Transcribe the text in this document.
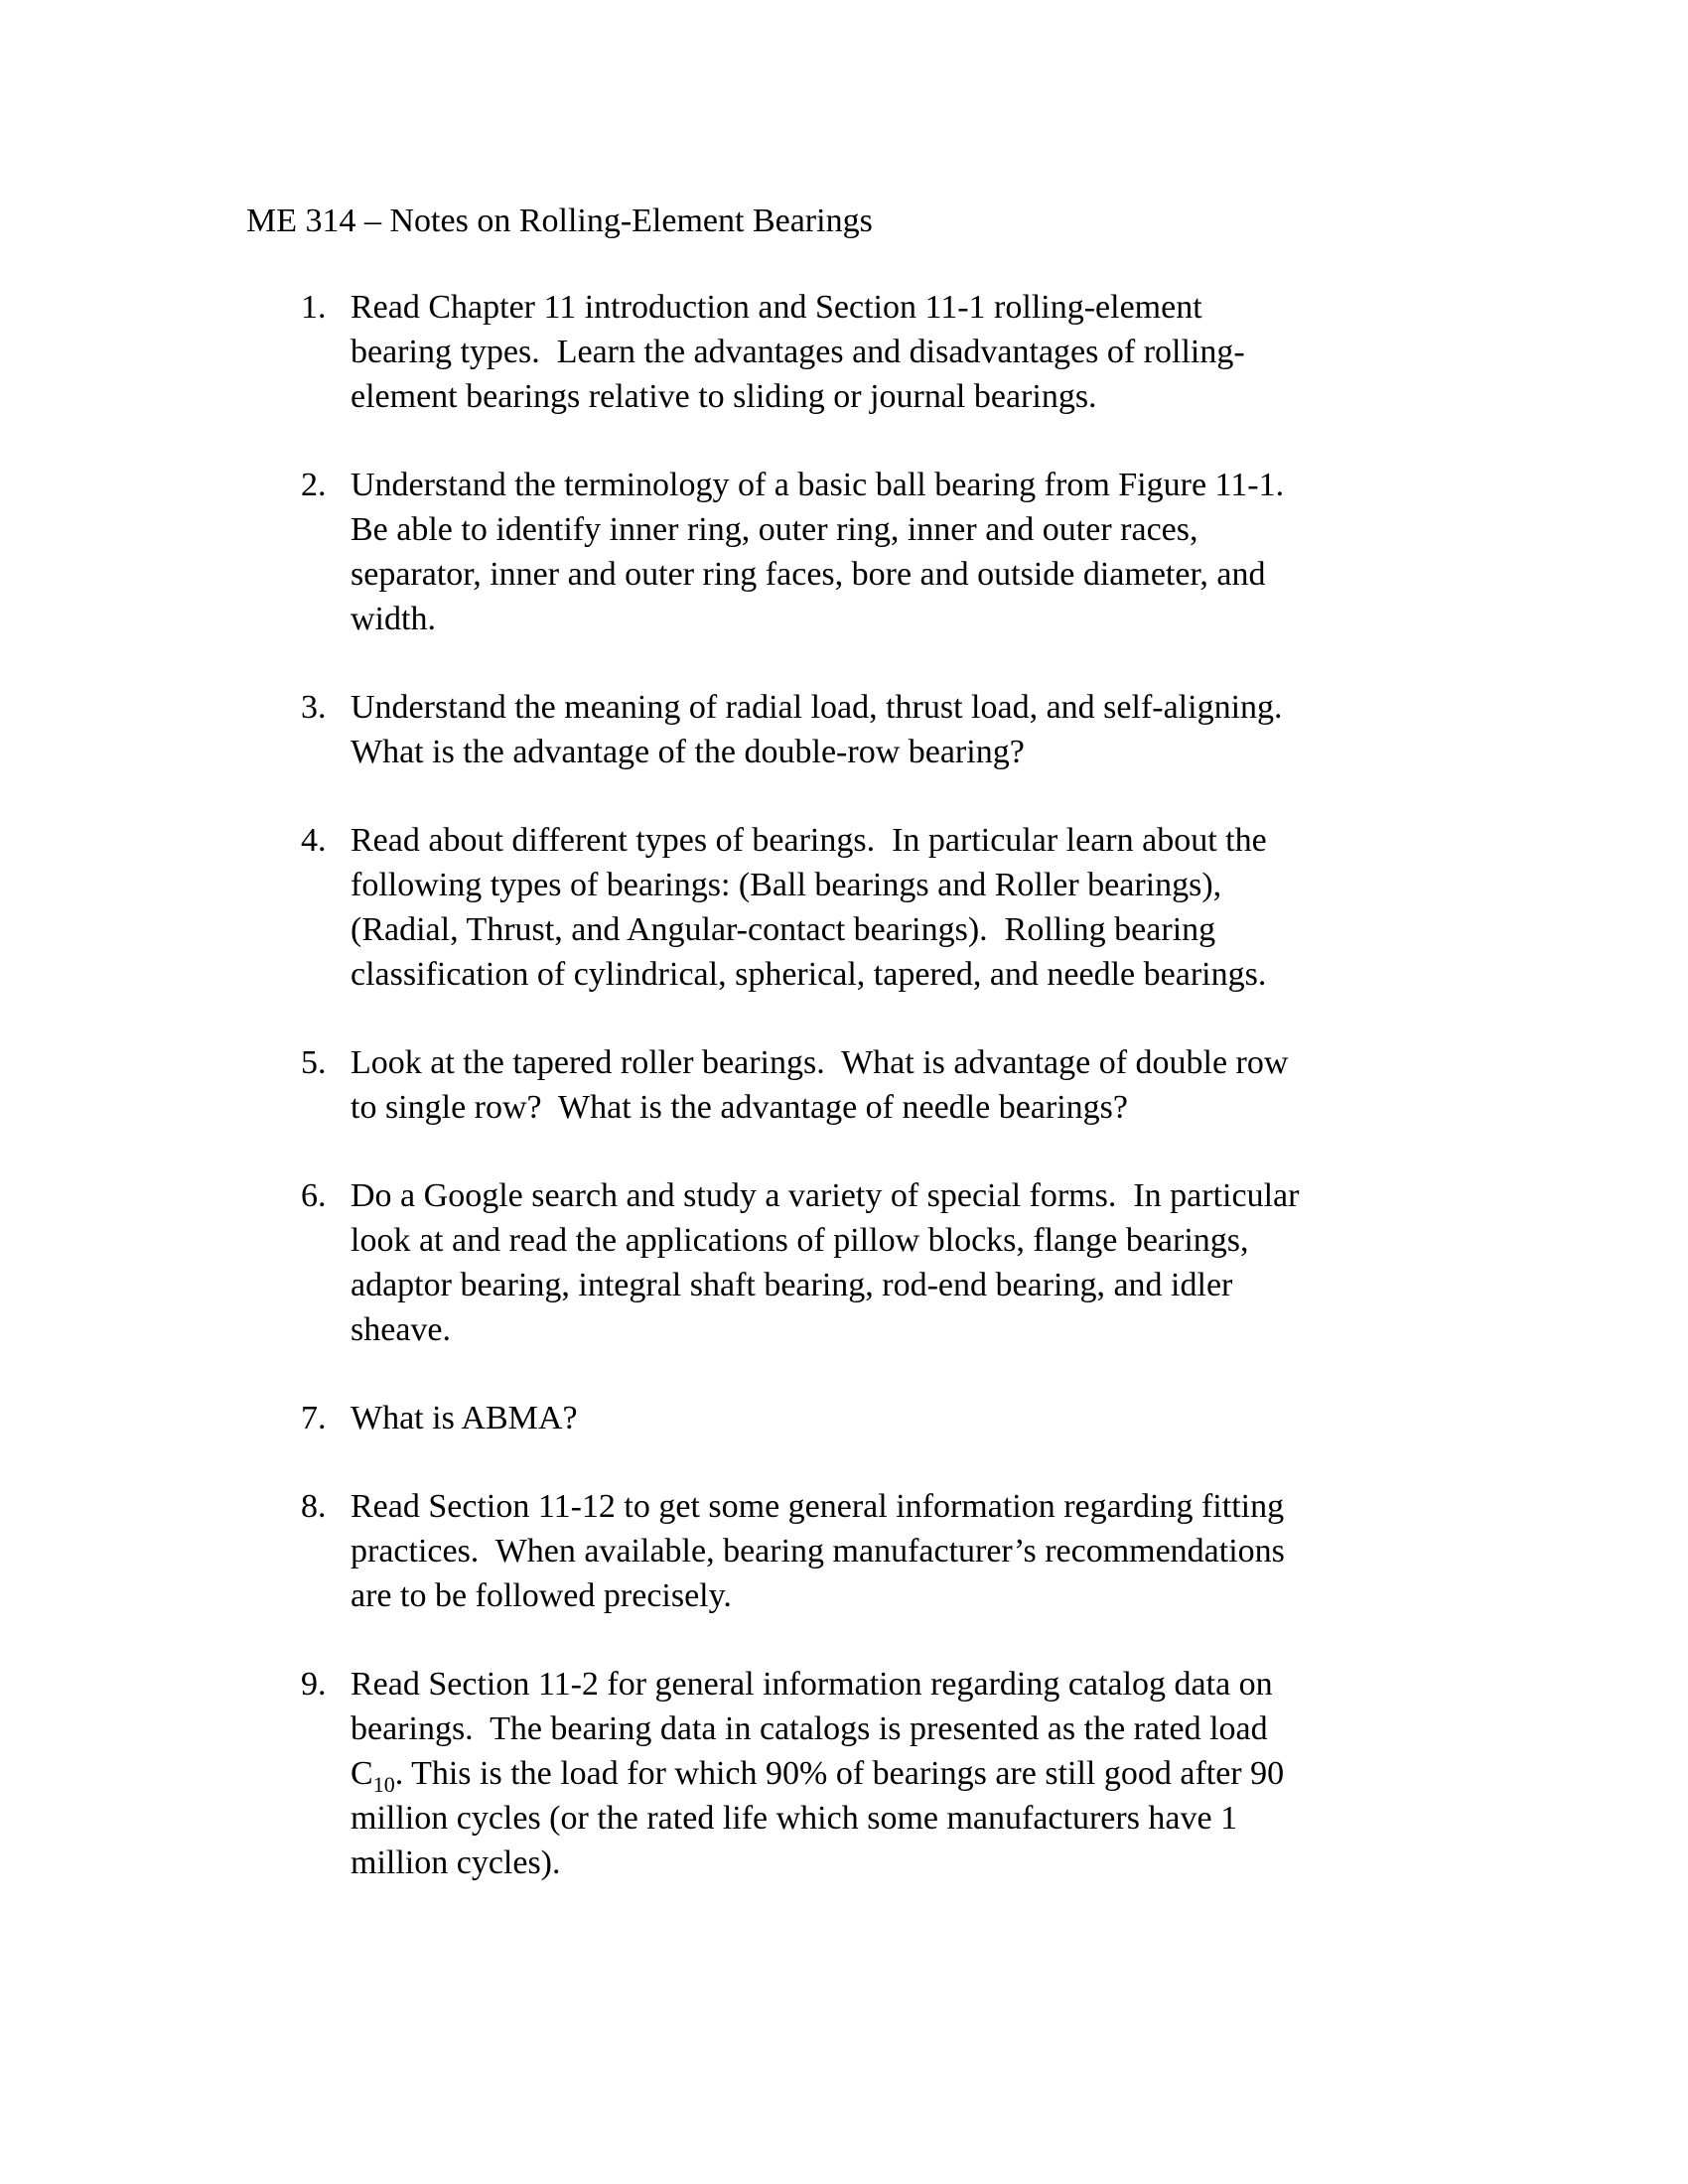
ME 314 – Notes on Rolling-Element Bearings
1. Read Chapter 11 introduction and Section 11-1 rolling-element
bearing types.  Learn the advantages and disadvantages of rolling-
element bearings relative to sliding or journal bearings.
2. Understand the terminology of a basic ball bearing from Figure 11-1.
Be able to identify inner ring, outer ring, inner and outer races,
separator, inner and outer ring faces, bore and outside diameter, and
width.
3. Understand the meaning of radial load, thrust load, and self-aligning.
What is the advantage of the double-row bearing?
4. Read about different types of bearings.  In particular learn about the
following types of bearings: (Ball bearings and Roller bearings),
(Radial, Thrust, and Angular-contact bearings).  Rolling bearing
classification of cylindrical, spherical, tapered, and needle bearings.
5. Look at the tapered roller bearings.  What is advantage of double row
to single row?  What is the advantage of needle bearings?
6. Do a Google search and study a variety of special forms.  In particular
look at and read the applications of pillow blocks, flange bearings,
adaptor bearing, integral shaft bearing, rod-end bearing, and idler
sheave.
7. What is ABMA?
8. Read Section 11-12 to get some general information regarding fitting
practices.  When available, bearing manufacturer’s recommendations
are to be followed precisely.
9. Read Section 11-2 for general information regarding catalog data on
bearings.  The bearing data in catalogs is presented as the rated load
$C_{10}$. This is the load for which 90% of bearings are still good after 90
million cycles (or the rated life which some manufacturers have 1
million cycles).
